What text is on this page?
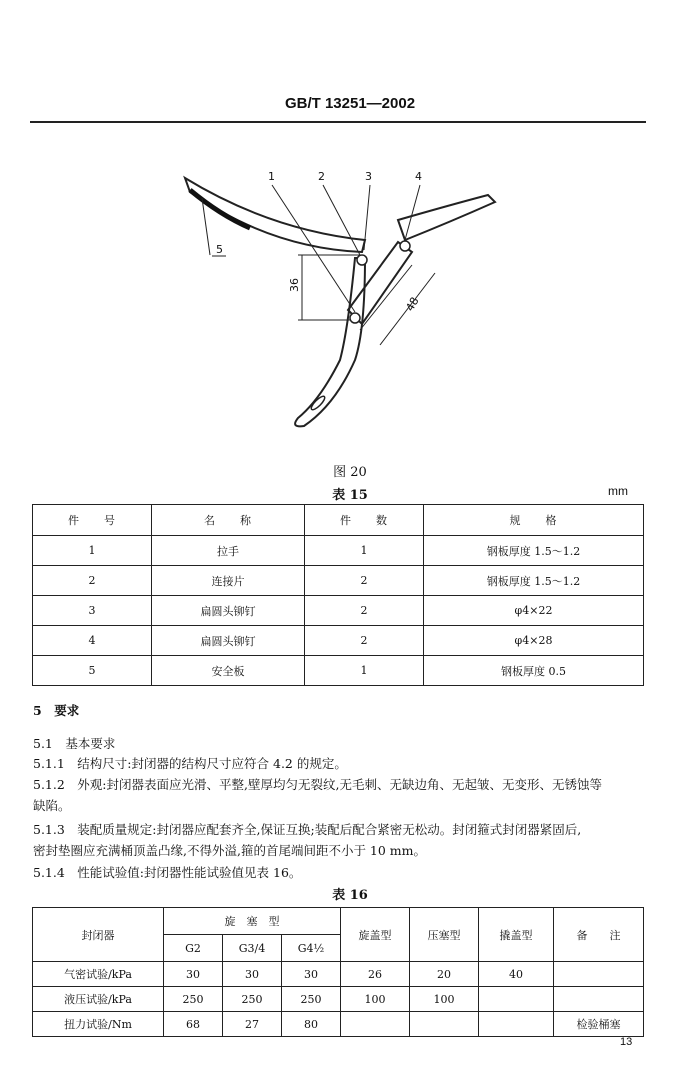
GB/T 13251—2002
1	2	3	4
5
36
48
图 20
表 15	mm
件　　号	名　　称	件　　数	规　　格
1	拉手	1	钢板厚度 1.5～1.2
2	连接片	2	钢板厚度 1.5～1.2
3	扁圆头铆钉	2	φ4×22
4	扁圆头铆钉	2	φ4×28
5	安全板	1	钢板厚度 0.5
5　要求
5.1　基本要求
5.1.1　结构尺寸:封闭器的结构尺寸应符合 4.2 的规定。
5.1.2　外观:封闭器表面应光滑、平整,壁厚均匀无裂纹,无毛刺、无缺边角、无起皱、无变形、无锈蚀等
缺陷。
5.1.3　装配质量规定:封闭器应配套齐全,保证互换;装配后配合紧密无松动。封闭箍式封闭器紧固后,
密封垫圈应充满桶顶盖凸缘,不得外溢,箍的首尾端间距不小于 10 mm。
5.1.4　性能试验值:封闭器性能试验值见表 16。
表 16
封闭器	旋　塞　型			旋盖型	压塞型	撬盖型	备　　注
	G2	G3/4	G4½				
气密试验/kPa	30	30	30	26	20	40	
液压试验/kPa	250	250	250	100	100		
扭力试验/Nm	68	27	80				检验桶塞
13
